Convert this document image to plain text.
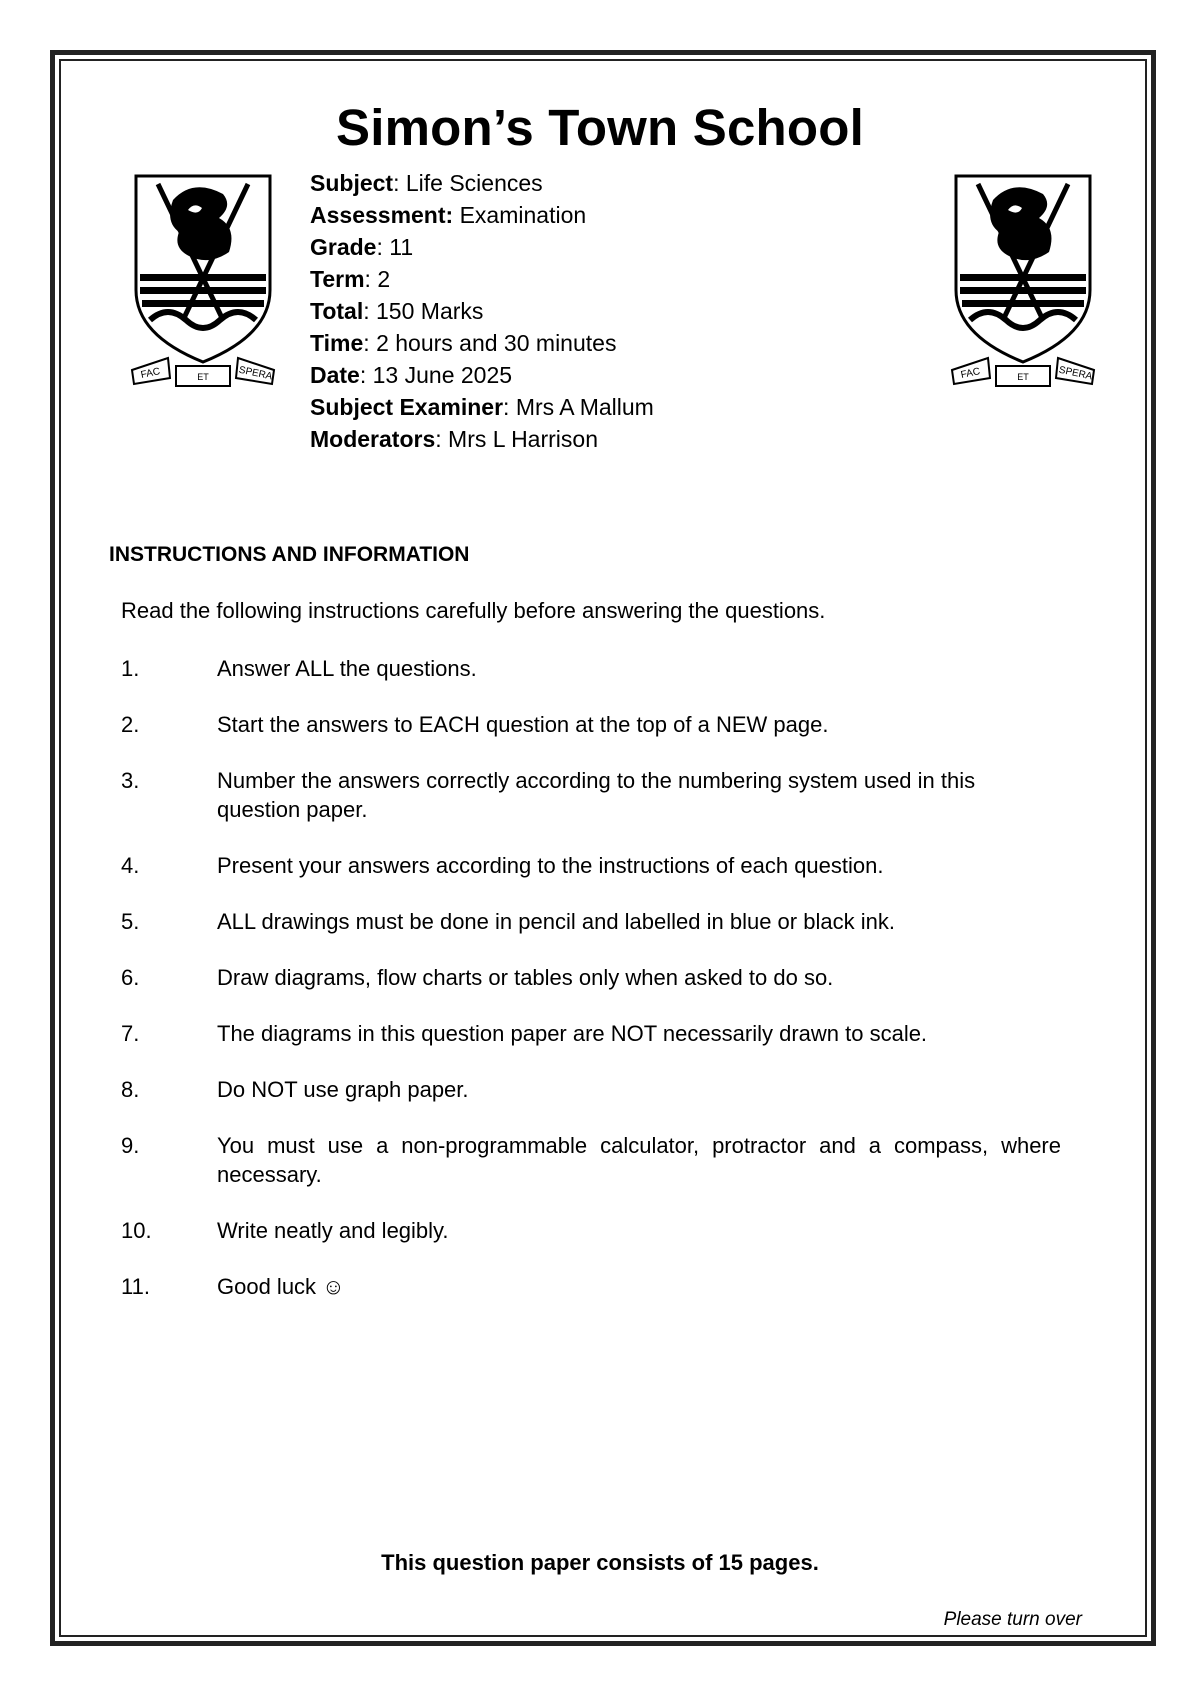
Simon’s Town School
FAC	ET	SPERA	FAC	ET	SPERA
Subject: Life Sciences
Assessment: Examination
Grade: 11
Term: 2
Total: 150 Marks
Time: 2 hours and 30 minutes
Date: 13 June 2025
Subject Examiner: Mrs A Mallum
Moderators: Mrs L Harrison
INSTRUCTIONS AND INFORMATION
Read the following instructions carefully before answering the questions.
1.	Answer ALL the questions.
2.	Start the answers to EACH question at the top of a NEW page.
3.	Number the answers correctly according to the numbering system used in this question paper.
4.	Present your answers according to the instructions of each question.
5.	ALL drawings must be done in pencil and labelled in blue or black ink.
6.	Draw diagrams, flow charts or tables only when asked to do so.
7.	The diagrams in this question paper are NOT necessarily drawn to scale.
8.	Do NOT use graph paper.
9.	You must use a non-programmable calculator, protractor and a compass, where necessary.
10.	Write neatly and legibly.
11.	Good luck ☺
This question paper consists of 15 pages.
Please turn over
